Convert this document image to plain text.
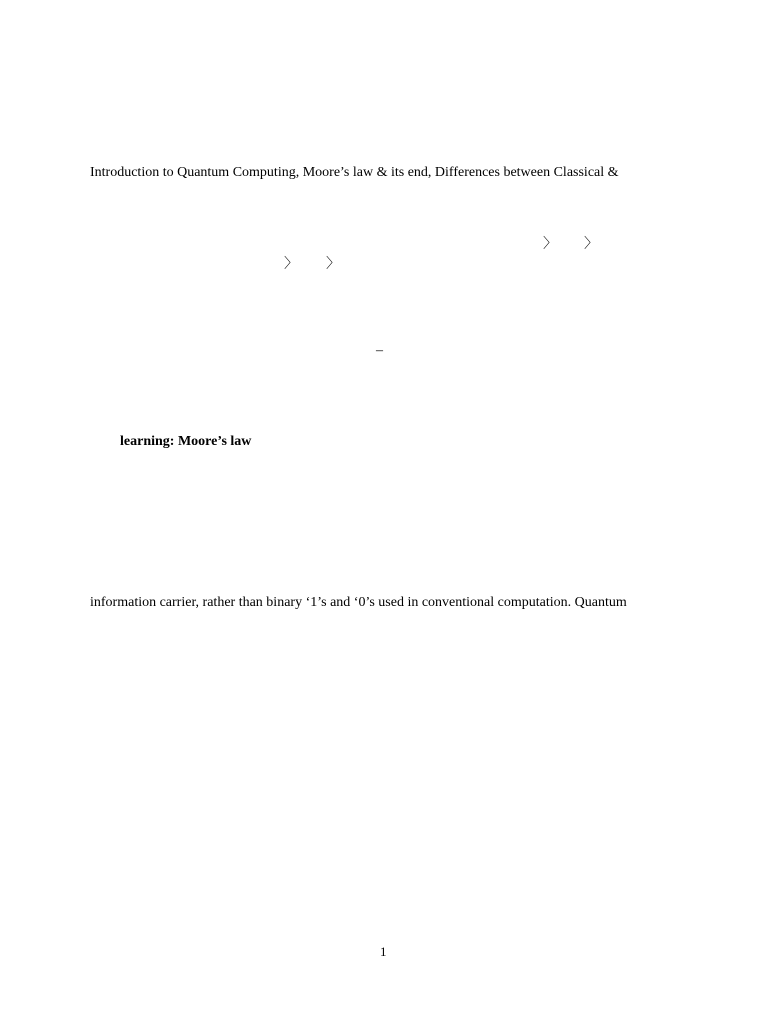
Introduction to Quantum Computing, Moore’s law & its end, Differences between Classical &
〉 〉
〉 〉
–
learning: Moore’s law
information carrier, rather than binary ‘1’s and ‘0’s used in conventional computation. Quantum
1
